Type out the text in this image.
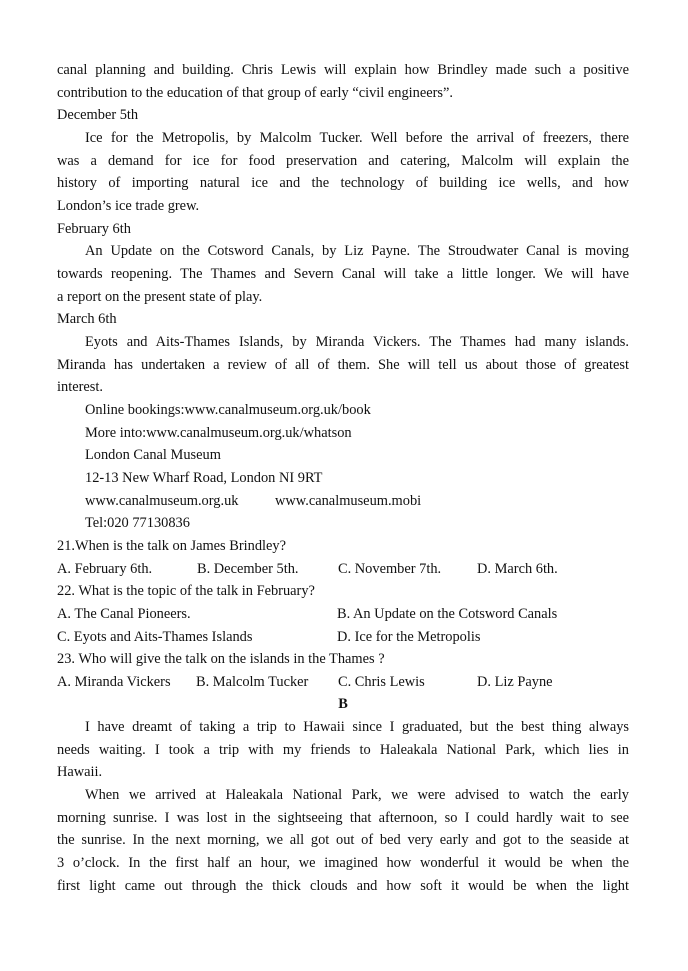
canal planning and building. Chris Lewis will explain how Brindley made such a positive
contribution to the education of that group of early “civil engineers”.
December 5th
Ice for the Metropolis, by Malcolm Tucker. Well before the arrival of freezers, there
was a demand for ice for food preservation and catering, Malcolm will explain the
history of importing natural ice and the technology of building ice wells, and how
London’s ice trade grew.
February 6th
An Update on the Cotsword Canals, by Liz Payne. The Stroudwater Canal is moving
towards reopening. The Thames and Severn Canal will take a little longer. We will have
a report on the present state of play.
March 6th
Eyots and Aits-Thames Islands, by Miranda Vickers. The Thames had many islands.
Miranda has undertaken a review of all of them. She will tell us about those of greatest
interest.
Online bookings:www.canalmuseum.org.uk/book
More into:www.canalmuseum.org.uk/whatson
London Canal Museum
12-13 New Wharf Road, London NI 9RT
www.canalmuseum.org.uk	www.canalmuseum.mobi
Tel:020 77130836
21.When is the talk on James Brindley?
A. February 6th.	B. December 5th.	C. November 7th. D. March 6th.
22. What is the topic of the talk in February?
A. The Canal Pioneers.	B. An Update on the Cotsword Canals
C. Eyots and Aits-Thames Islands	D. Ice for the Metropolis
23. Who will give the talk on the islands in the Thames ?
A. Miranda Vickers B. Malcolm Tucker C. Chris Lewis	D. Liz Payne
B
I have dreamt of taking a trip to Hawaii since I graduated, but the best thing always
needs waiting. I took a trip with my friends to Haleakala National Park, which lies in
Hawaii.
When we arrived at Haleakala National Park, we were advised to watch the early
morning sunrise. I was lost in the sightseeing that afternoon, so I could hardly wait to see
the sunrise. In the next morning, we all got out of bed very early and got to the seaside at
3 o’clock. In the first half an hour, we imagined how wonderful it would be when the
first light came out through the thick clouds and how soft it would be when the light
